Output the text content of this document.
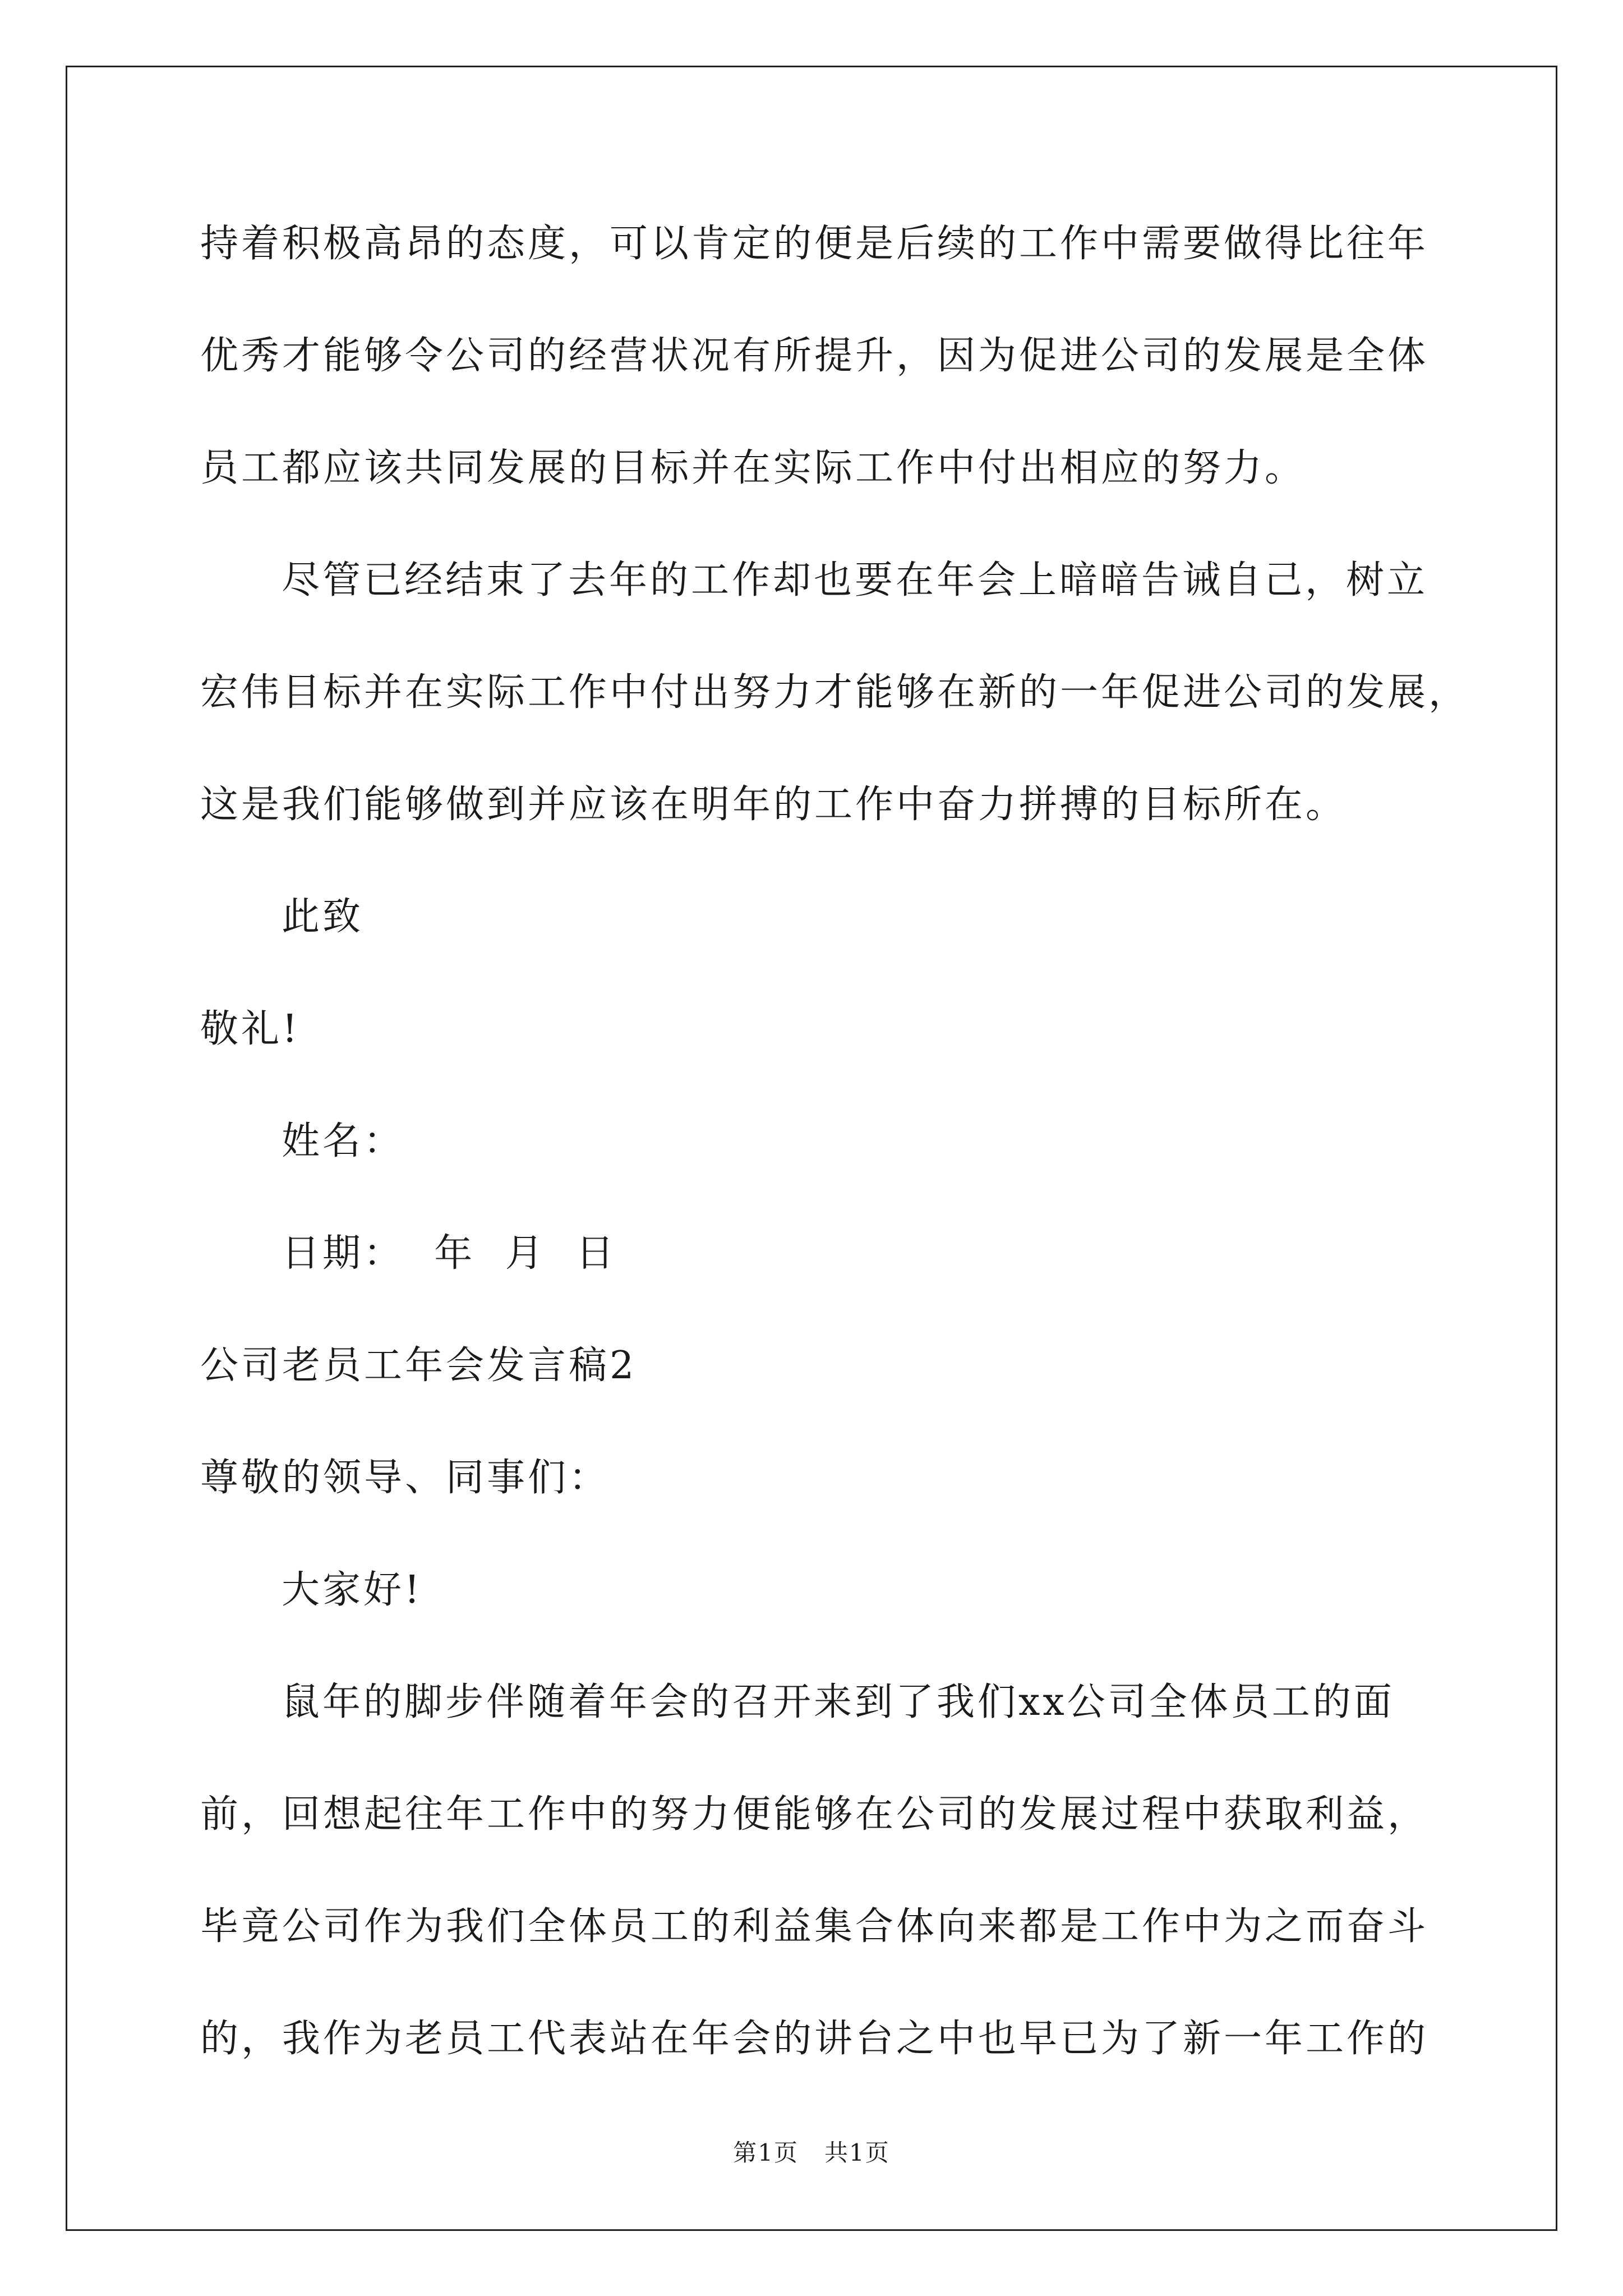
持着积极高昂的态度，可以肯定的便是后续的工作中需要做得比往年
优秀才能够令公司的经营状况有所提升，因为促进公司的发展是全体
员工都应该共同发展的目标并在实际工作中付出相应的努力。
尽管已经结束了去年的工作却也要在年会上暗暗告诫自己，树立
宏伟目标并在实际工作中付出努力才能够在新的一年促进公司的发展，
这是我们能够做到并应该在明年的工作中奋力拼搏的目标所在。
此致
敬礼!
姓名：
日期：  年  月  日
公司老员工年会发言稿2
尊敬的领导、同事们：
大家好!
鼠年的脚步伴随着年会的召开来到了我们xx公司全体员工的面
前，回想起往年工作中的努力便能够在公司的发展过程中获取利益，
毕竟公司作为我们全体员工的利益集合体向来都是工作中为之而奋斗
的，我作为老员工代表站在年会的讲台之中也早已为了新一年工作的
第1页   共1页
